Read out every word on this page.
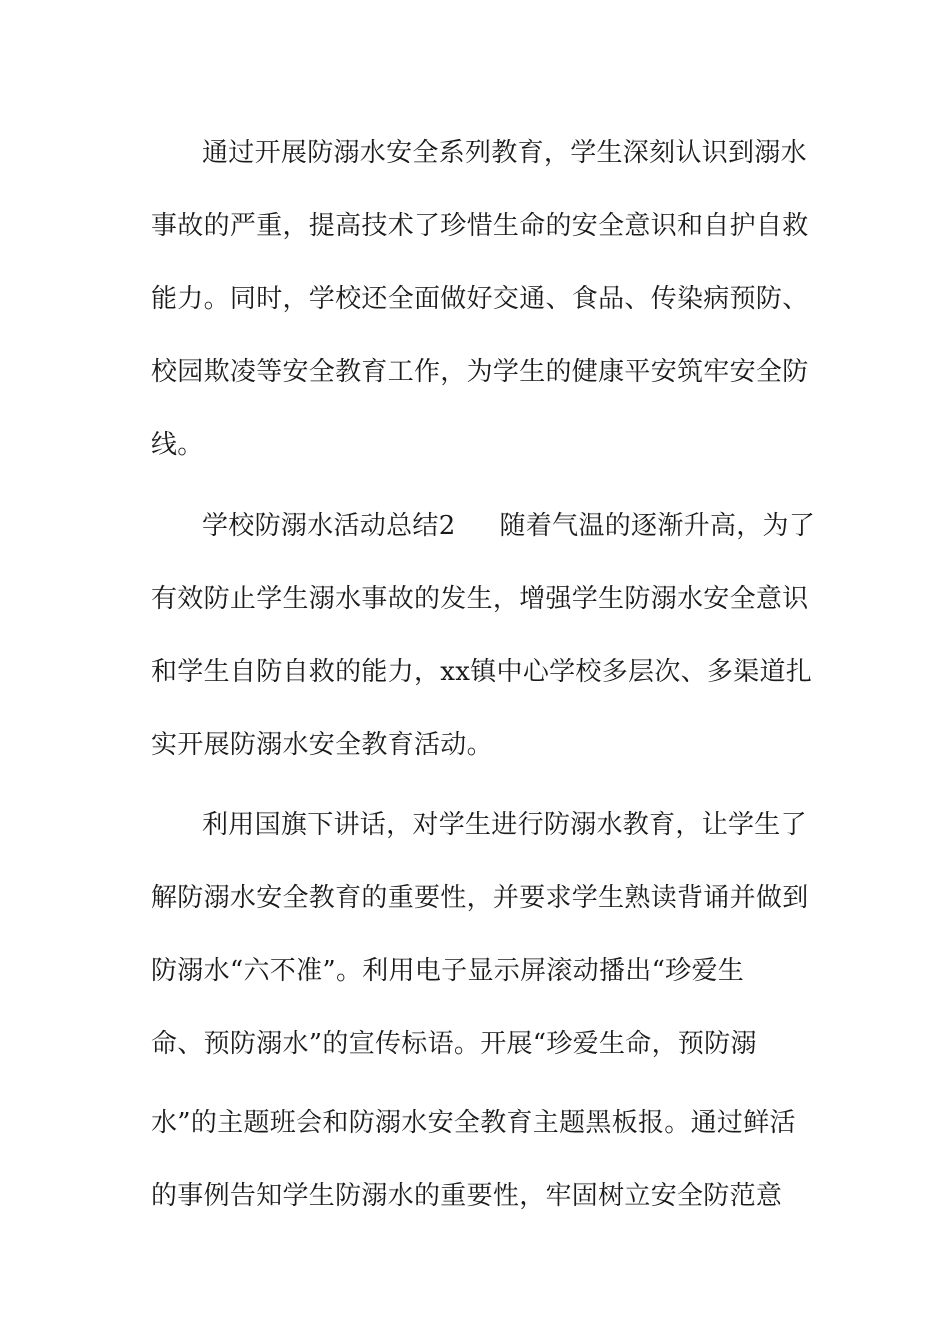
通过开展防溺水安全系列教育，学生深刻认识到溺水
事故的严重，提高技术了珍惜生命的安全意识和自护自救
能力。同时，学校还全面做好交通、食品、传染病预防、
校园欺凌等安全教育工作，为学生的健康平安筑牢安全防
线。
学校防溺水活动总结2 随着气温的逐渐升高，为了
有效防止学生溺水事故的发生，增强学生防溺水安全意识
和学生自防自救的能力，xx镇中心学校多层次、多渠道扎
实开展防溺水安全教育活动。
利用国旗下讲话，对学生进行防溺水教育，让学生了
解防溺水安全教育的重要性，并要求学生熟读背诵并做到
防溺水“六不准”。利用电子显示屏滚动播出“珍爱生
命、预防溺水”的宣传标语。开展“珍爱生命，预防溺
水”的主题班会和防溺水安全教育主题黑板报。通过鲜活
的事例告知学生防溺水的重要性，牢固树立安全防范意
